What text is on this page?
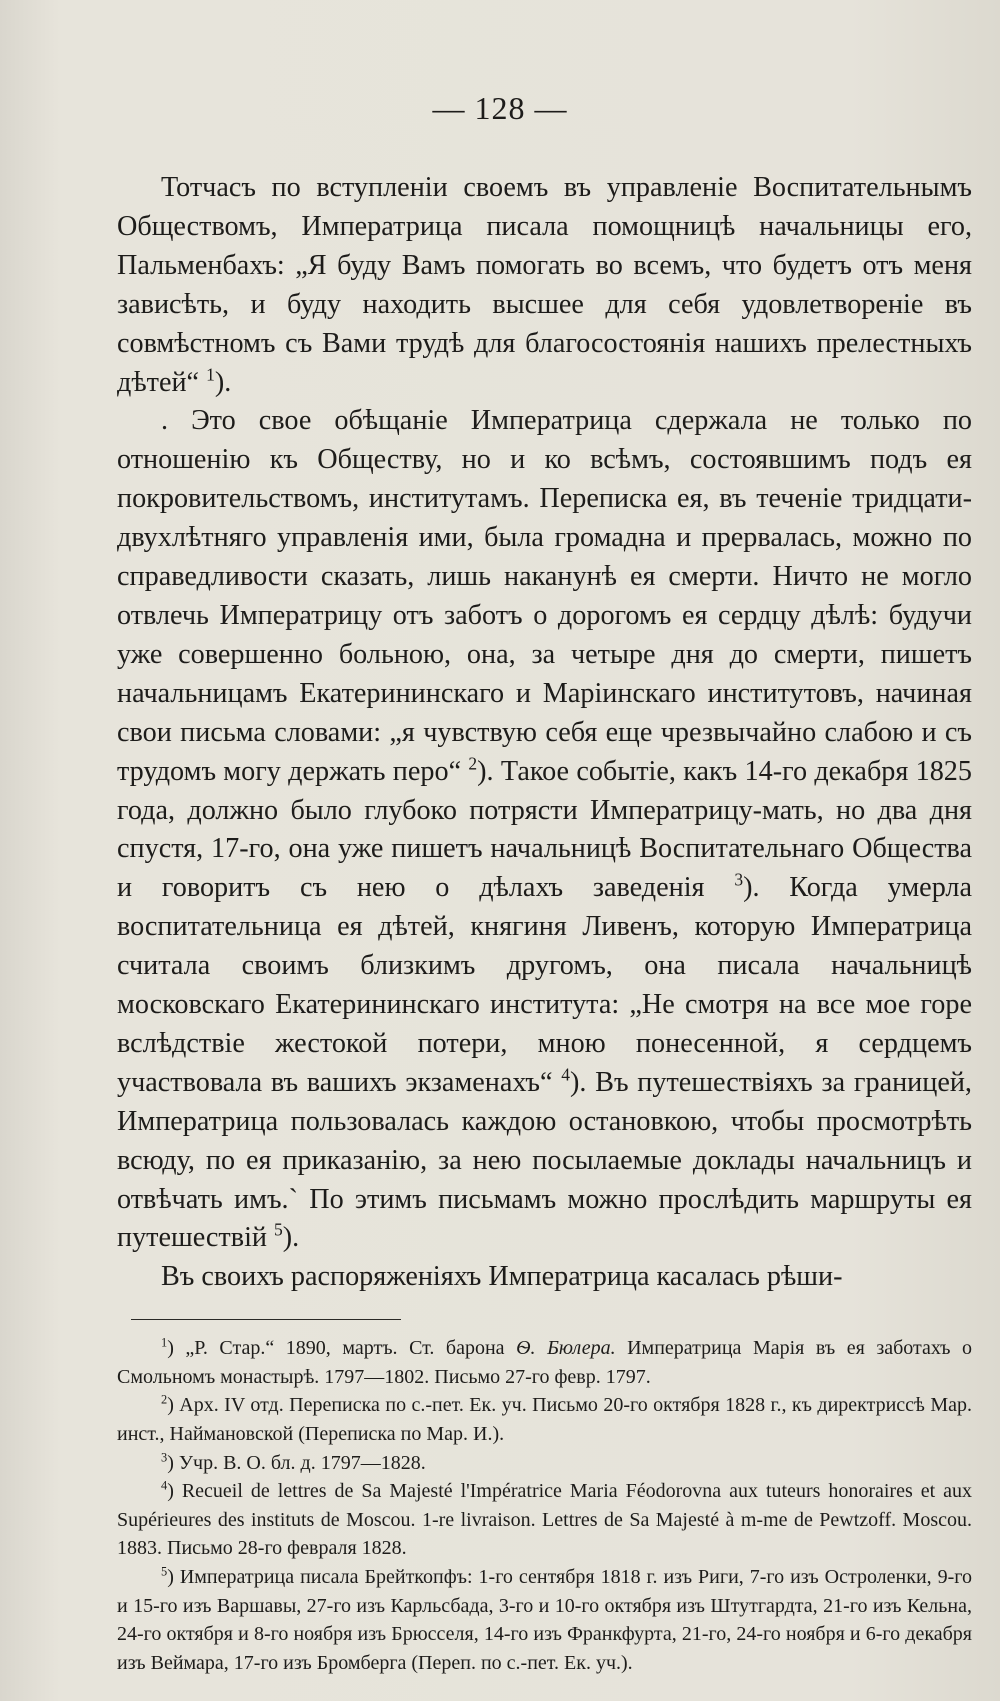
— 128 —

Тотчасъ по вступленіи своемъ въ управленіе Воспитательнымъ Обществомъ, Императрица писала помощницѣ начальницы его, Пальменбахъ: „Я буду Вамъ помогать во всемъ, что будетъ отъ меня зависѣть, и буду находить высшее для себя удовлетвореніе въ совмѣстномъ съ Вами трудѣ для благосостоянія нашихъ прелестныхъ дѣтей“ $^1$).

. Это свое обѣщаніе Императрица сдержала не только по отношенію къ Обществу, но и ко всѣмъ, состоявшимъ подъ ея покровительствомъ, институтамъ. Переписка ея, въ теченіе тридцати-двухлѣтняго управленія ими, была громадна и прервалась, можно по справедливости сказать, лишь наканунѣ ея смерти. Ничто не могло отвлечь Императрицу отъ заботъ о дорогомъ ея сердцу дѣлѣ: будучи уже совершенно больною, она, за четыре дня до смерти, пишетъ начальницамъ Екатерининскаго и Маріинскаго институтовъ, начиная свои письма словами: „я чувствую себя еще чрезвычайно слабою и съ трудомъ могу держать перо“ $^2$). Такое событіе, какъ 14-го декабря 1825 года, должно было глубоко потрясти Императрицу-мать, но два дня спустя, 17-го, она уже пишетъ начальницѣ Воспитательнаго Общества и говоритъ съ нею о дѣлахъ заведенія $^3$). Когда умерла воспитательница ея дѣтей, княгиня Ливенъ, которую Императрица считала своимъ близкимъ другомъ, она писала начальницѣ московскаго Екатерининскаго института: „Не смотря на все мое горе вслѣдствіе жестокой потери, мною понесенной, я сердцемъ участвовала въ вашихъ экзаменахъ“ $^4$). Въ путешествіяхъ за границей, Императрица пользовалась каждою остановкою, чтобы просмотрѣть всюду, по ея приказанію, за нею посылаемые доклады начальницъ и отвѣчать имъ.` По этимъ письмамъ можно прослѣдить маршруты ея путешествій $^5$).

Въ своихъ распоряженіяхъ Императрица касалась рѣши-

$^1$) „Р. Стар.“ 1890, мартъ. Ст. барона Ѳ. Бюлера. Императрица Марія въ ея заботахъ о Смольномъ монастырѣ. 1797—1802. Письмо 27-го февр. 1797.

$^2$) Арх. IV отд. Переписка по с.-пет. Ек. уч. Письмо 20-го октября 1828 г., къ директриссѣ Мар. инст., Наймановской (Переписка по Мар. И.).

$^3$) Учр. В. О. бл. д. 1797—1828.

$^4$) Recueil de lettres de Sa Majesté l'Impératrice Maria Féodorovna aux tuteurs honoraires et aux Supérieures des instituts de Moscou. 1-re livraison. Lettres de Sa Majesté à m-me de Pewtzoff. Moscou. 1883. Письмо 28-го февраля 1828.

$^5$) Императрица писала Брейткопфъ: 1-го сентября 1818 г. изъ Риги, 7-го изъ Остроленки, 9-го и 15-го изъ Варшавы, 27-го изъ Карльсбада, 3-го и 10-го октября изъ Штутгардта, 21-го изъ Кельна, 24-го октября и 8-го ноября изъ Брюсселя, 14-го изъ Франкфурта, 21-го, 24-го ноября и 6-го декабря изъ Веймара, 17-го изъ Бромберга (Переп. по с.-пет. Ек. уч.).
